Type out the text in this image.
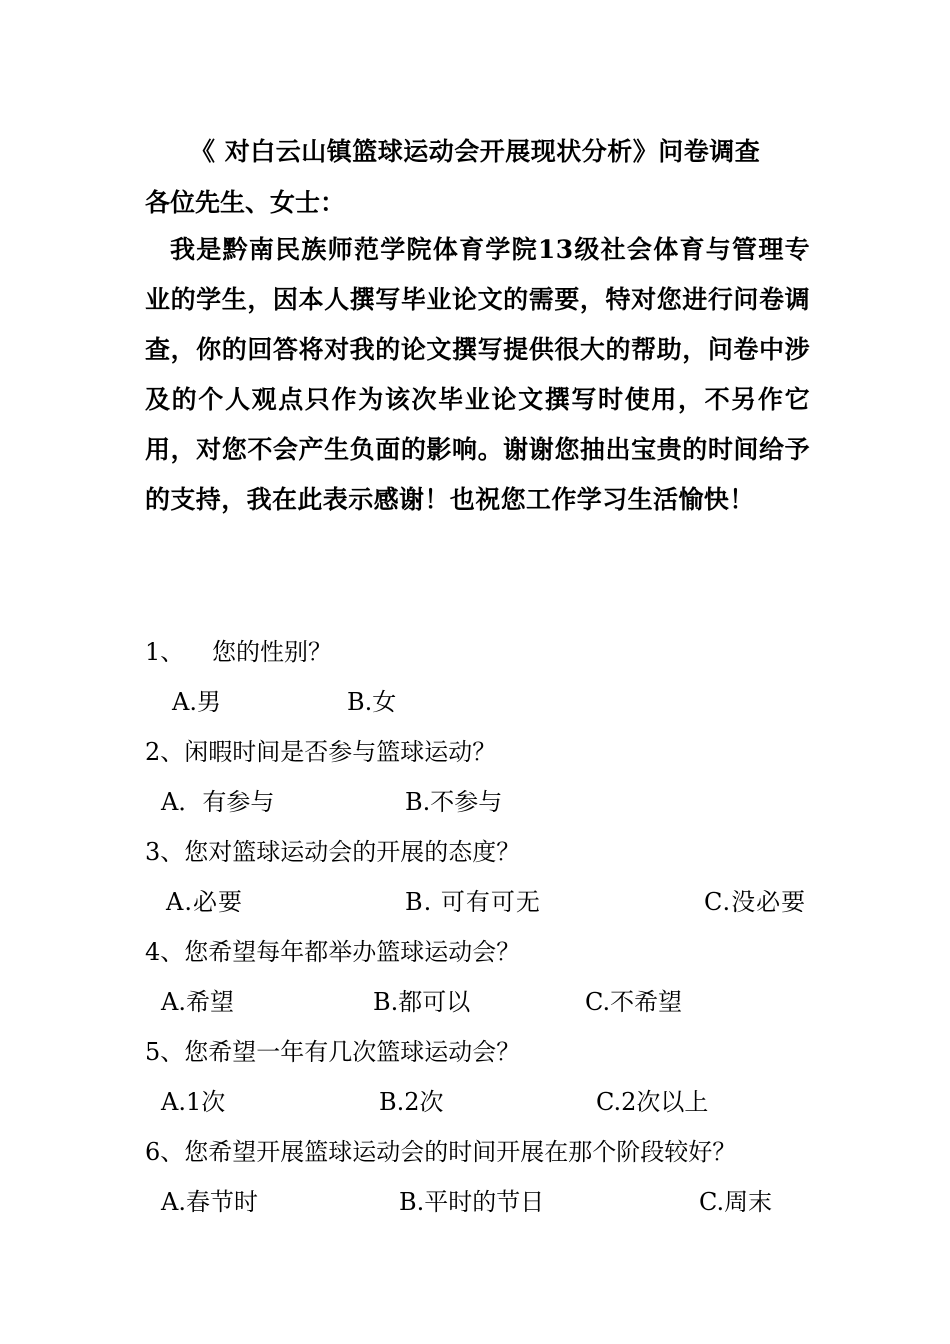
《 对白云山镇篮球运动会开展现状分析》问卷调查
各位先生、女士：
我是黔南民族师范学院体育学院13级社会体育与管理专业的学生，因本人撰写毕业论文的需要，特对您进行问卷调查，你的回答将对我的论文撰写提供很大的帮助，问卷中涉及的个人观点只作为该次毕业论文撰写时使用，不另作它用，对您不会产生负面的影响。谢谢您抽出宝贵的时间给予的支持，我在此表示感谢！也祝您工作学习生活愉快！
1、 您的性别？
A.男	B.女
2、闲暇时间是否参与篮球运动？
A．有参与	B.不参与
3、您对篮球运动会的开展的态度？
A.必要	B. 可有可无	C.没必要
4、您希望每年都举办篮球运动会？
A.希望	B.都可以	C.不希望
5、您希望一年有几次篮球运动会？
A.1次	B.2次	C.2次以上
6、您希望开展篮球运动会的时间开展在那个阶段较好？
A.春节时	B.平时的节日	C.周末
